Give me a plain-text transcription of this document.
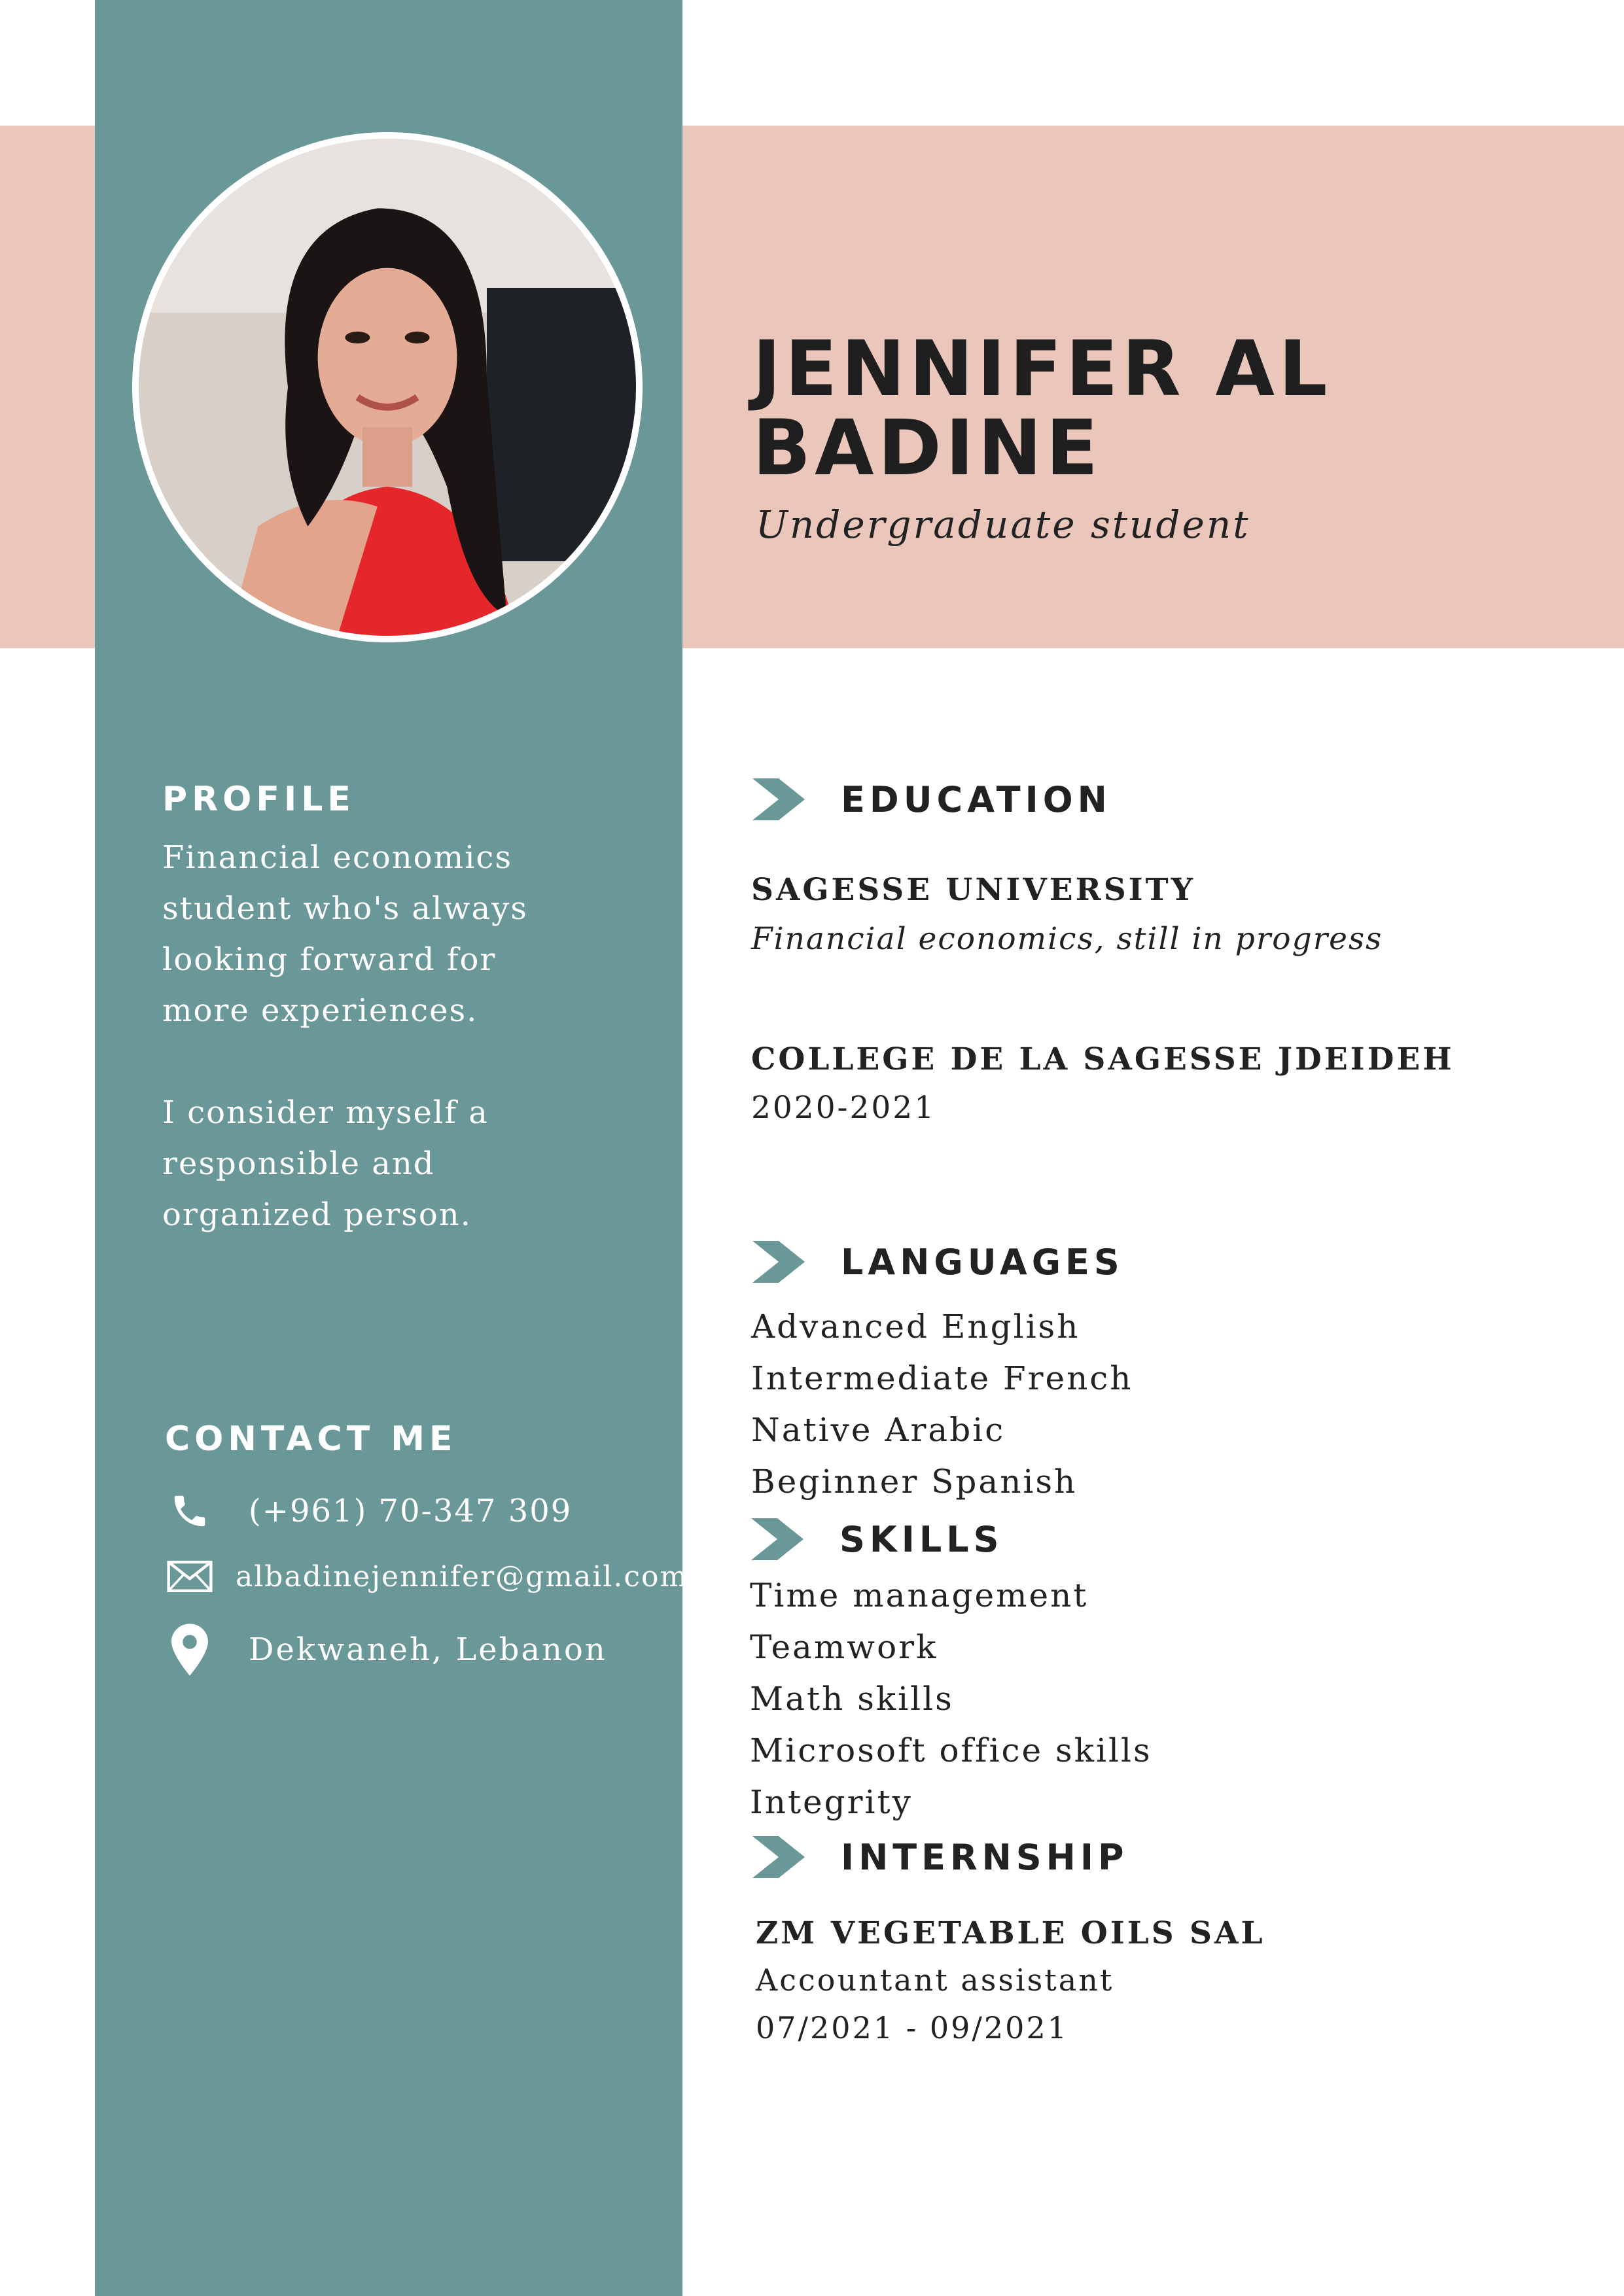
JENNIFER AL
BADINE
Undergraduate student
PROFILE
Financial economics
student who's always
looking forward for
more experiences.
I consider myself a
responsible and
organized person.
CONTACT ME
(+961) 70-347 309
albadinejennifer@gmail.com
Dekwaneh, Lebanon
EDUCATION
SAGESSE UNIVERSITY
Financial economics, still in progress
COLLEGE DE LA SAGESSE JDEIDEH
2020-2021
LANGUAGES
Advanced English
Intermediate French
Native Arabic
Beginner Spanish
SKILLS
Time management
Teamwork
Math skills
Microsoft office skills
Integrity
INTERNSHIP
ZM VEGETABLE OILS SAL
Accountant assistant
07/2021 - 09/2021
